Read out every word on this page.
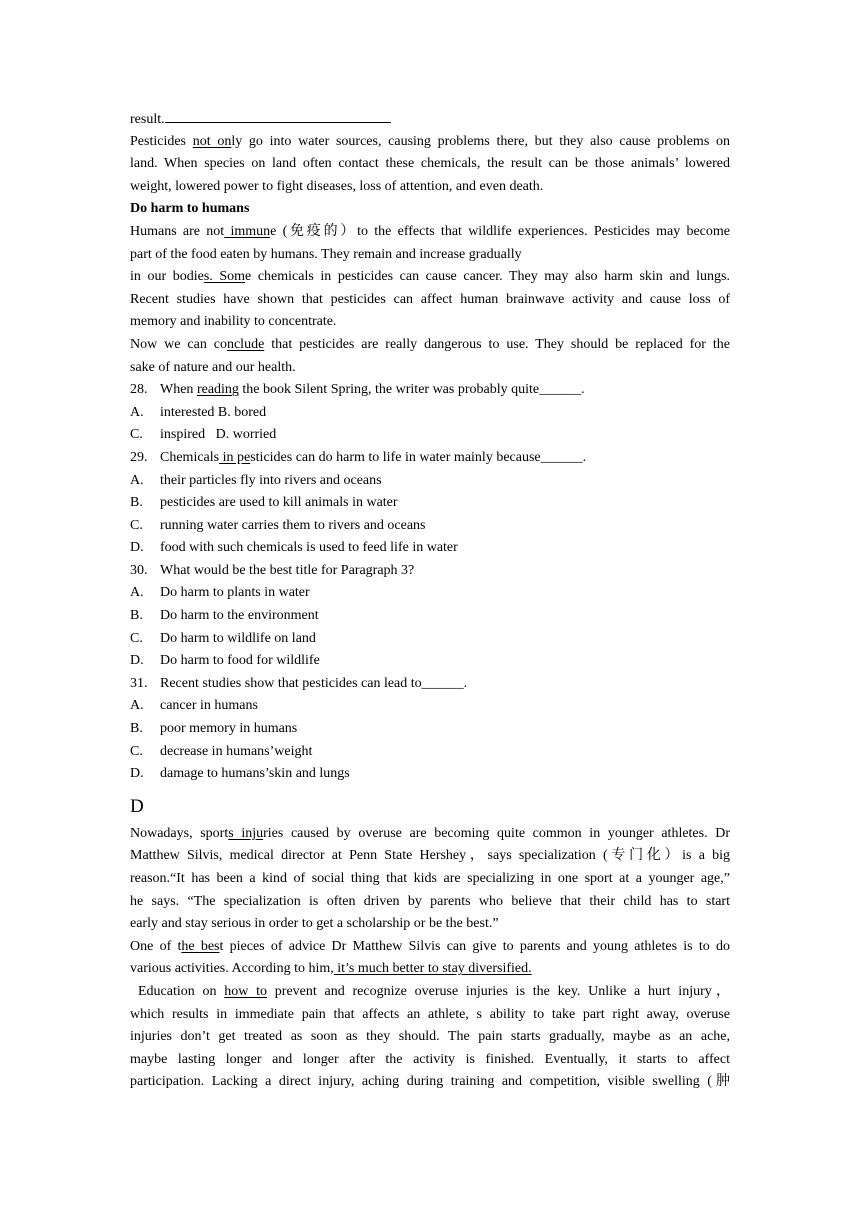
result.
Pesticides not only go into water sources, causing problems there, but they also cause problems on
land. When species on land often contact these chemicals, the result can be those animals’ lowered
weight, lowered power to fight diseases, loss of attention, and even death.
Do harm to humans
Humans are not immune (免疫的）to the effects that wildlife experiences. Pesticides may become
part of the food eaten by humans. They remain and increase gradually
in our bodies. Some chemicals in pesticides can cause cancer. They may also harm skin and lungs.
Recent studies have shown that pesticides can affect human brainwave activity and cause loss of
memory and inability to concentrate.
Now we can conclude that pesticides are really dangerous to use. They should be replaced for the
sake of nature and our health.
28. When reading the book Silent Spring, the writer was probably quite______.
A.	interested B. bored
C.	inspired   D. worried
29. Chemicals in pesticides can do harm to life in water mainly because______.
A.	their particles fly into rivers and oceans
B.	pesticides are used to kill animals in water
C.	running water carries them to rivers and oceans
D.	food with such chemicals is used to feed life in water
30. What would be the best title for Paragraph 3?
A.	Do harm to plants in water
B.	Do harm to the environment
C.	Do harm to wildlife on land
D.	Do harm to food for wildlife
31. Recent studies show that pesticides can lead to______.
A.	cancer in humans
B.	poor memory in humans
C.	decrease in humans’weight
D.	damage to humans’skin and lungs
D
Nowadays, sports injuries caused by overuse are becoming quite common in younger athletes. Dr
Matthew Silvis, medical director at Penn State Hershey，says specialization (专门化）is a big
reason.“It has been a kind of social thing that kids are specializing in one sport at a younger age,”
he says. “The specialization is often driven by parents who believe that their child has to start
early and stay serious in order to get a scholarship or be the best.”
One of the best pieces of advice Dr Matthew Silvis can give to parents and young athletes is to do
various activities. According to him, it’s much better to stay diversified.
Education on how to prevent and recognize overuse injuries is the key. Unlike a hurt injury，
which results in immediate pain that affects an athlete, s ability to take part right away, overuse
injuries don’t get treated as soon as they should. The pain starts gradually, maybe as an ache,
maybe lasting longer and longer after the activity is finished. Eventually, it starts to affect
participation. Lacking a direct injury, aching during training and competition, visible swelling (肿
